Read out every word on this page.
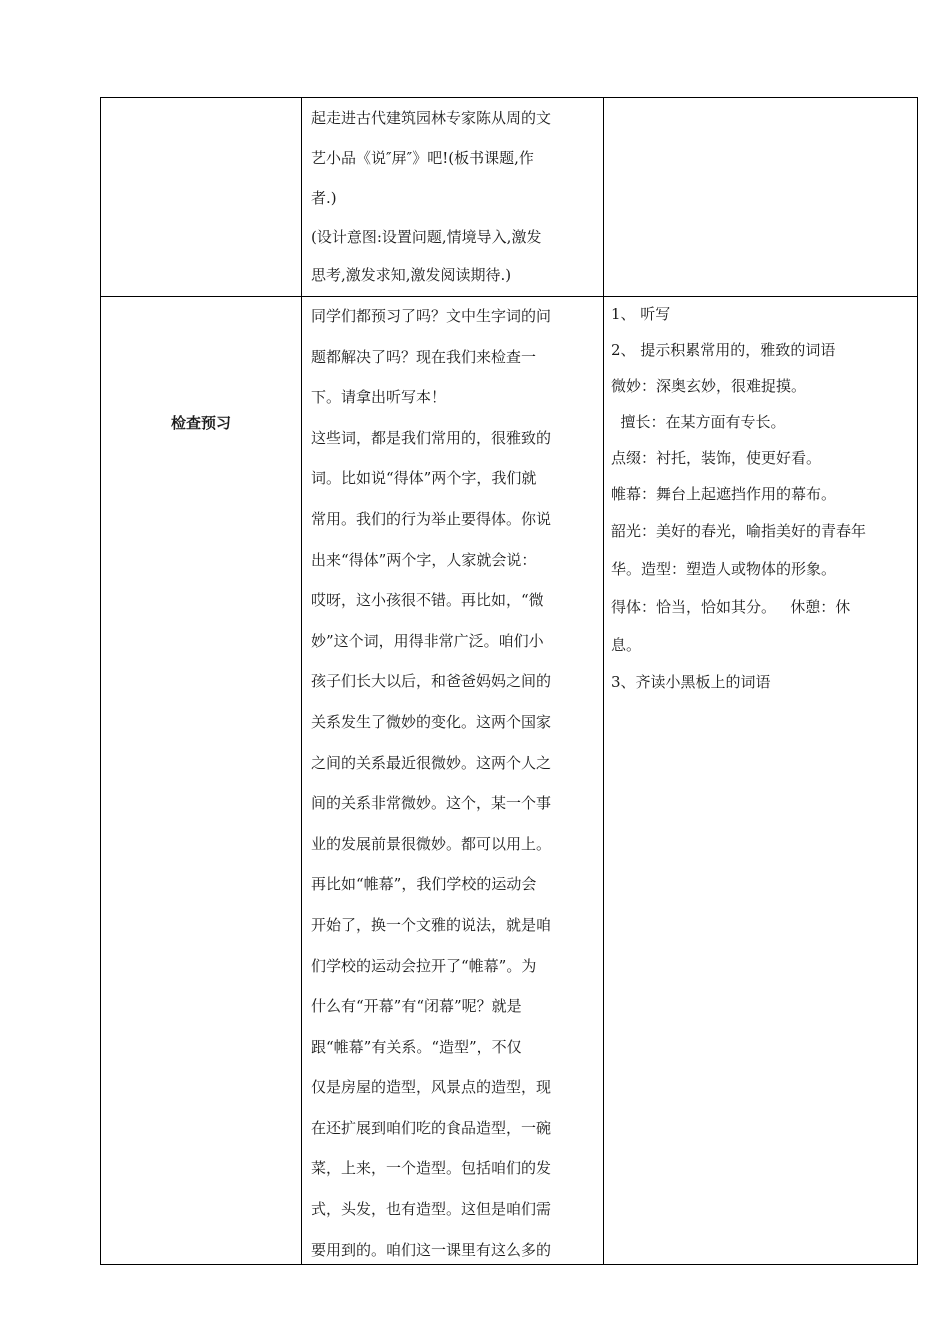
起走进古代建筑园林专家陈从周的文
艺小品《说″屏″》吧!(板书课题,作
者.)
(设计意图:设置问题,情境导入,激发
思考,激发求知,激发阅读期待.)
检查预习
同学们都预习了吗？文中生字词的问
题都解决了吗？现在我们来检查一
下。请拿出听写本！
这些词，都是我们常用的，很雅致的
词。比如说“得体”两个字，我们就
常用。我们的行为举止要得体。你说
出来“得体”两个字，人家就会说：
哎呀，这小孩很不错。再比如，“微
妙”这个词，用得非常广泛。咱们小
孩子们长大以后，和爸爸妈妈之间的
关系发生了微妙的变化。这两个国家
之间的关系最近很微妙。这两个人之
间的关系非常微妙。这个，某一个事
业的发展前景很微妙。都可以用上。
再比如“帷幕”，我们学校的运动会
开始了，换一个文雅的说法，就是咱
们学校的运动会拉开了“帷幕”。为
什么有“开幕”有“闭幕”呢？就是
跟“帷幕”有关系。“造型”，不仅
仅是房屋的造型，风景点的造型，现
在还扩展到咱们吃的食品造型，一碗
菜，上来，一个造型。包括咱们的发
式，头发，也有造型。这但是咱们需
要用到的。咱们这一课里有这么多的
1、 听写
2、 提示积累常用的，雅致的词语
微妙：深奥玄妙，很难捉摸。
擅长：在某方面有专长。
点缀：衬托，装饰，使更好看。
帷幕：舞台上起遮挡作用的幕布。
韶光：美好的春光，喻指美好的青春年
华。造型：塑造人或物体的形象。
得体：恰当，恰如其分。   休憩：休
息。
3、齐读小黑板上的词语
